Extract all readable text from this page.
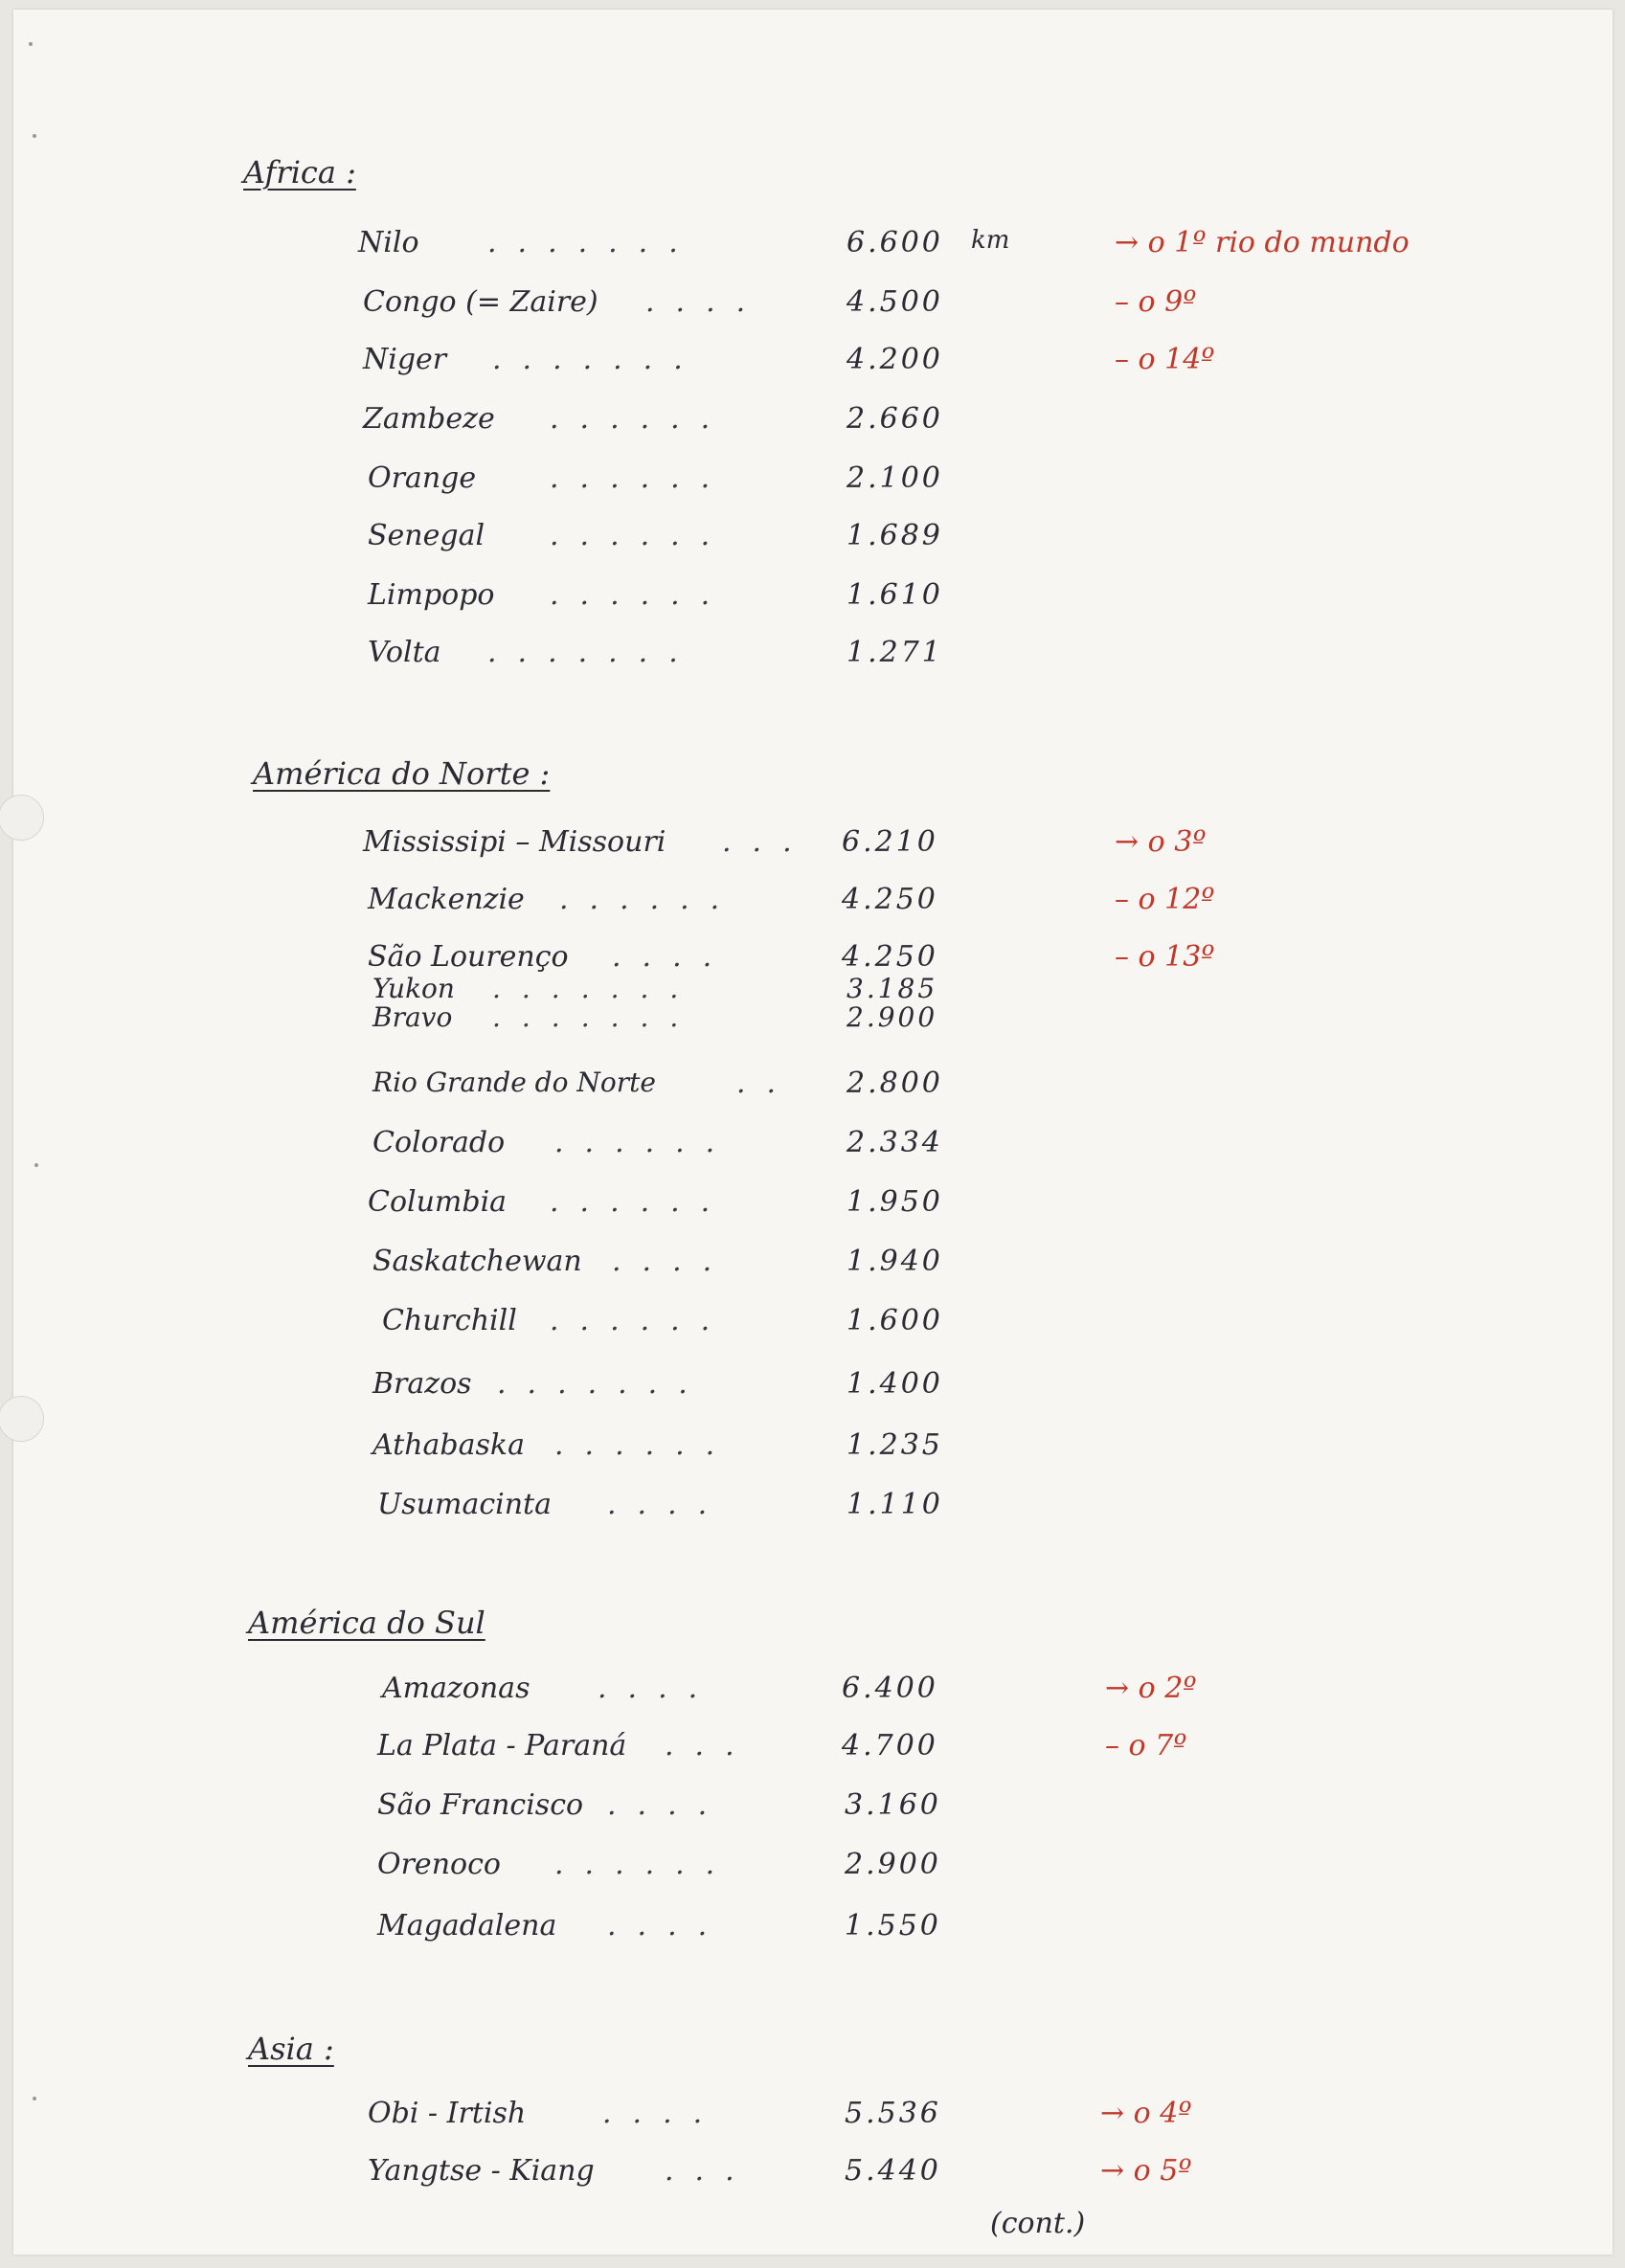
Africa :
Nilo .......	6.600 km	→ o 1º rio do mundo
Congo (= Zaire) ....	4.500	– o 9º
Niger .......	4.200	– o 14º
Zambeze ......	2.660
Orange	......	2.100
Senegal ......	1.689
Limpopo ......	1.610
Volta .......	1.271
América do Norte :
Mississipi – Missouri ... 6.210	→ o 3º
Mackenzie ......	4.250	– o 12º
São Lourenço ....	4.250	– o 13º
Yukon .......	3.185
Bravo .......	2.900
Rio Grande do Norte	.. 2.800
Colorado ......	2.334
Columbia ......	1.950
Saskatchewan ....	1.940
Churchill ......	1.600
Brazos .......	1.400
Athabaska ......	1.235
Usumacinta ....	1.110
América do Sul
Amazonas ....	6.400	→ o 2º
La Plata - Paraná ...	4.700	– o 7º
São Francisco ....	3.160
Orenoco ......	2.900
Magadalena ....	1.550
Asia :
Obi - Irtish	....	5.536	→ o 4º
Yangtse - Kiang ...	5.440	→ o 5º
(cont.)
